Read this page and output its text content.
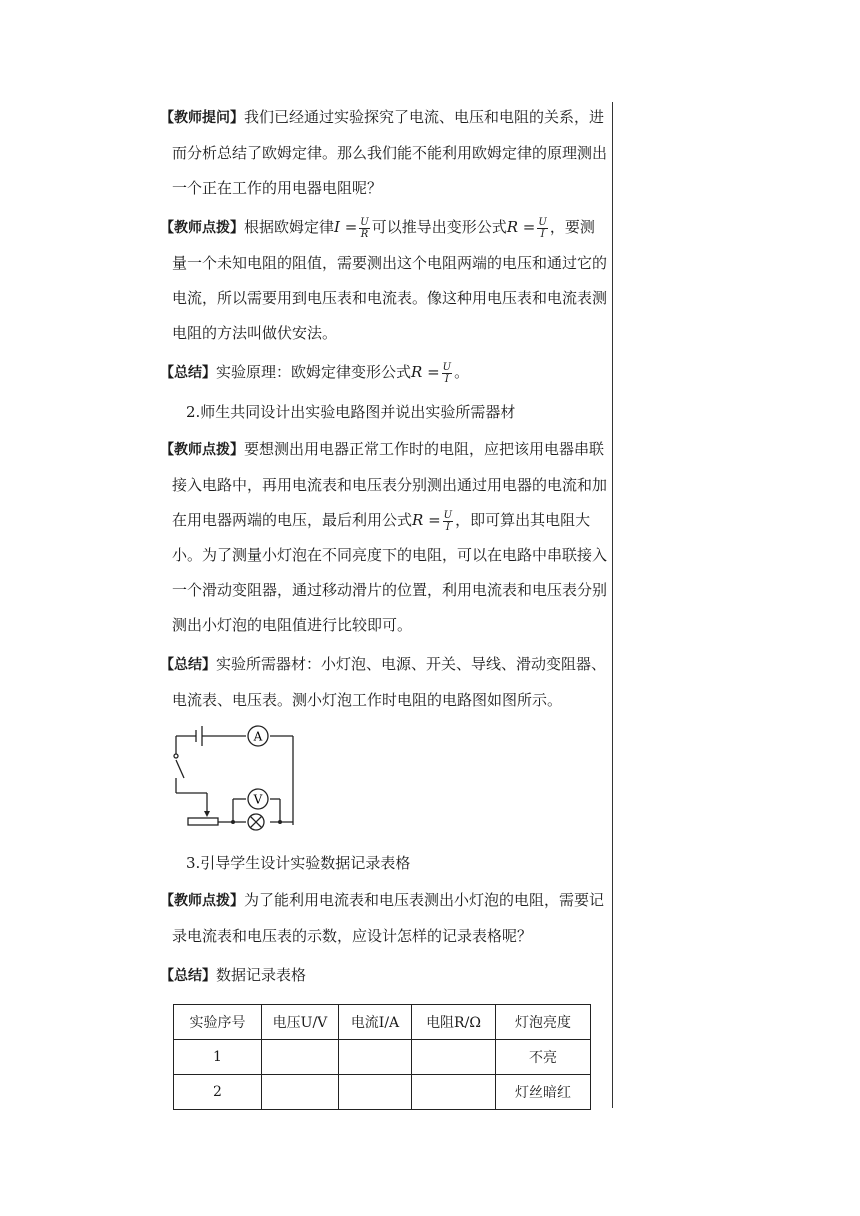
【教师提问】我们已经通过实验探究了电流、电压和电阻的关系，进而分析总结了欧姆定律。那么我们能不能利用欧姆定律的原理测出一个正在工作的用电器电阻呢？

【教师点拨】根据欧姆定律$I = \frac{U}{R}$ 可以推导出变形公式$R = \frac{U}{I}$ ，要测量一个未知电阻的阻值，需要测出这个电阻两端的电压和通过它的电流，所以需要用到电压表和电流表。像这种用电压表和电流表测电阻的方法叫做伏安法。

【总结】实验原理：欧姆定律变形公式$R = \frac{U}{I}$ 。

2.师生共同设计出实验电路图并说出实验所需器材

【教师点拨】要想测出用电器正常工作时的电阻，应把该用电器串联接入电路中，再用电流表和电压表分别测出通过用电器的电流和加在用电器两端的电压，最后利用公式$R = \frac{U}{I}$ ，即可算出其电阻大小。为了测量小灯泡在不同亮度下的电阻，可以在电路中串联接入一个滑动变阻器，通过移动滑片的位置，利用电流表和电压表分别测出小灯泡的电阻值进行比较即可。

【总结】实验所需器材：小灯泡、电源、开关、导线、滑动变阻器、电流表、电压表。测小灯泡工作时电阻的电路图如图所示。

A
V

3.引导学生设计实验数据记录表格

【教师点拨】为了能利用电流表和电压表测出小灯泡的电阻，需要记录电流表和电压表的示数，应设计怎样的记录表格呢？

【总结】数据记录表格

实验序号	电压U/V	电流I/A	电阻R/Ω	灯泡亮度
1				不亮
2				灯丝暗红
